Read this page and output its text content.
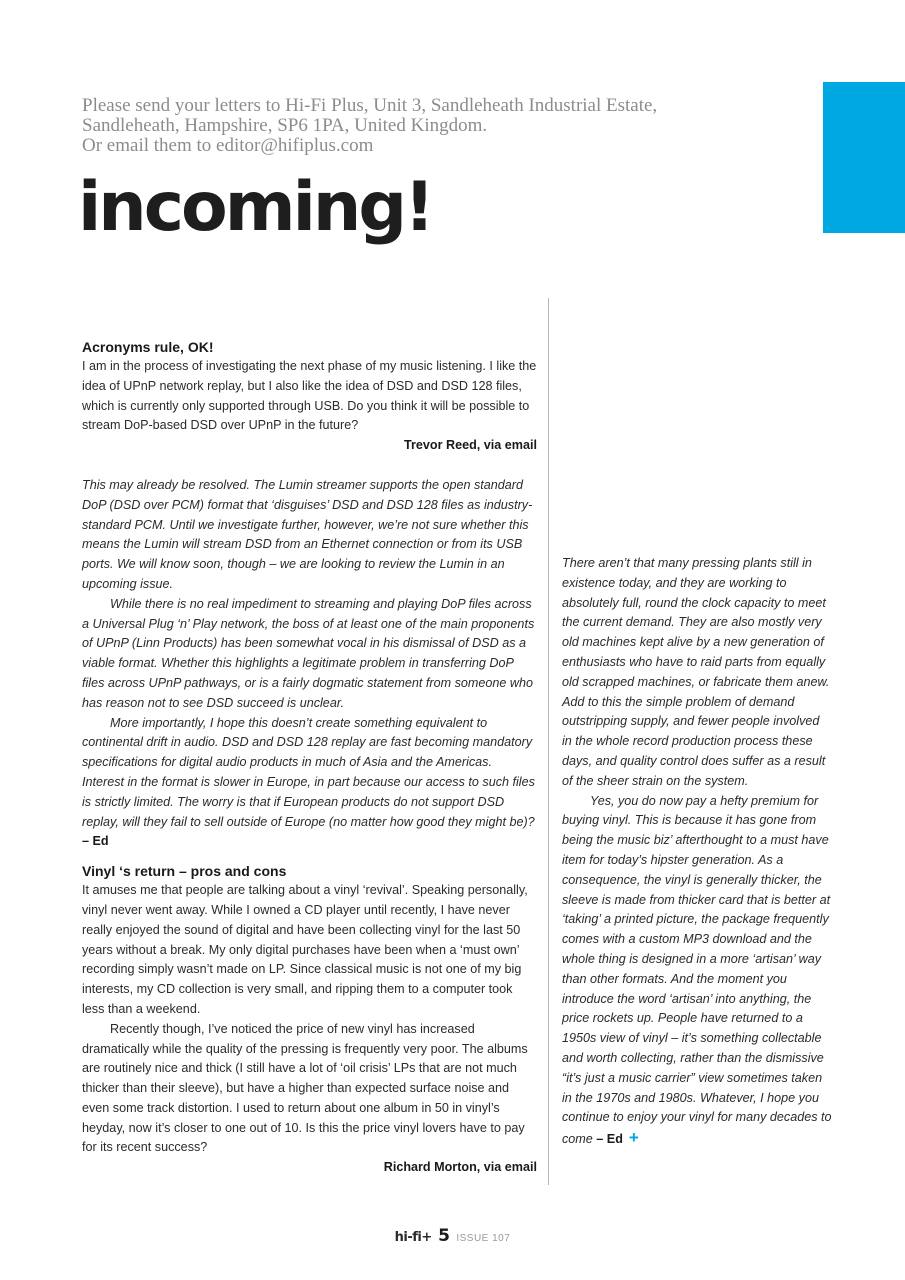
Please send your letters to Hi-Fi Plus, Unit 3, Sandleheath Industrial Estate,
Sandleheath, Hampshire, SP6 1PA, United Kingdom.
Or email them to editor@hifiplus.com
incoming!
Acronyms rule, OK!

I am in the process of investigating the next phase of my music listening. I like the idea of UPnP network replay, but I also like the idea of DSD and DSD 128 files, which is currently only supported through USB. Do you think it will be possible to stream DoP-based DSD over UPnP in the future?

Trevor Reed, via email

This may already be resolved. The Lumin streamer supports the open standard DoP (DSD over PCM) format that ‘disguises’ DSD and DSD 128 files as industry-standard PCM. Until we investigate further, however, we’re not sure whether this means the Lumin will stream DSD from an Ethernet connection or from its USB ports. We will know soon, though – we are looking to review the Lumin in an upcoming issue.

While there is no real impediment to streaming and playing DoP files across a Universal Plug ‘n’ Play network, the boss of at least one of the main proponents of UPnP (Linn Products) has been somewhat vocal in his dismissal of DSD as a viable format. Whether this highlights a legitimate problem in transferring DoP files across UPnP pathways, or is a fairly dogmatic statement from someone who has reason not to see DSD succeed is unclear.

More importantly, I hope this doesn’t create something equivalent to continental drift in audio. DSD and DSD 128 replay are fast becoming mandatory specifications for digital audio products in much of Asia and the Americas. Interest in the format is slower in Europe, in part because our access to such files is strictly limited. The worry is that if European products do not support DSD replay, will they fail to sell outside of Europe (no matter how good they might be)? – Ed

Vinyl ‘s return – pros and cons

It amuses me that people are talking about a vinyl ‘revival’. Speaking personally, vinyl never went away. While I owned a CD player until recently, I have never really enjoyed the sound of digital and have been collecting vinyl for the last 50 years without a break. My only digital purchases have been when a ‘must own’ recording simply wasn’t made on LP. Since classical music is not one of my big interests, my CD collection is very small, and ripping them to a computer took less than a weekend.

Recently though, I’ve noticed the price of new vinyl has increased dramatically while the quality of the pressing is frequently very poor. The albums are routinely nice and thick (I still have a lot of ‘oil crisis’ LPs that are not much thicker than their sleeve), but have a higher than expected surface noise and even some track distortion. I used to return about one album in 50 in vinyl’s heyday, now it’s closer to one out of 10. Is this the price vinyl lovers have to pay for its recent success?

Richard Morton, via email

There aren’t that many pressing plants still in existence today, and they are working to absolutely full, round the clock capacity to meet the current demand. They are also mostly very old machines kept alive by a new generation of enthusiasts who have to raid parts from equally old scrapped machines, or fabricate them anew. Add to this the simple problem of demand outstripping supply, and fewer people involved in the whole record production process these days, and quality control does suffer as a result of the sheer strain on the system.

Yes, you do now pay a hefty premium for buying vinyl. This is because it has gone from being the music biz’ afterthought to a must have item for today’s hipster generation. As a consequence, the vinyl is generally thicker, the sleeve is made from thicker card that is better at ‘taking’ a printed picture, the package frequently comes with a custom MP3 download and the whole thing is designed in a more ‘artisan’ way than other formats. And the moment you introduce the word ‘artisan’ into anything, the price rockets up. People have returned to a 1950s view of vinyl – it’s something collectable and worth collecting, rather than the dismissive “it’s just a music carrier” view sometimes taken in the 1970s and 1980s. Whatever, I hope you continue to enjoy your vinyl for many decades to come – Ed +

hi-fi+ 5 ISSUE 107
